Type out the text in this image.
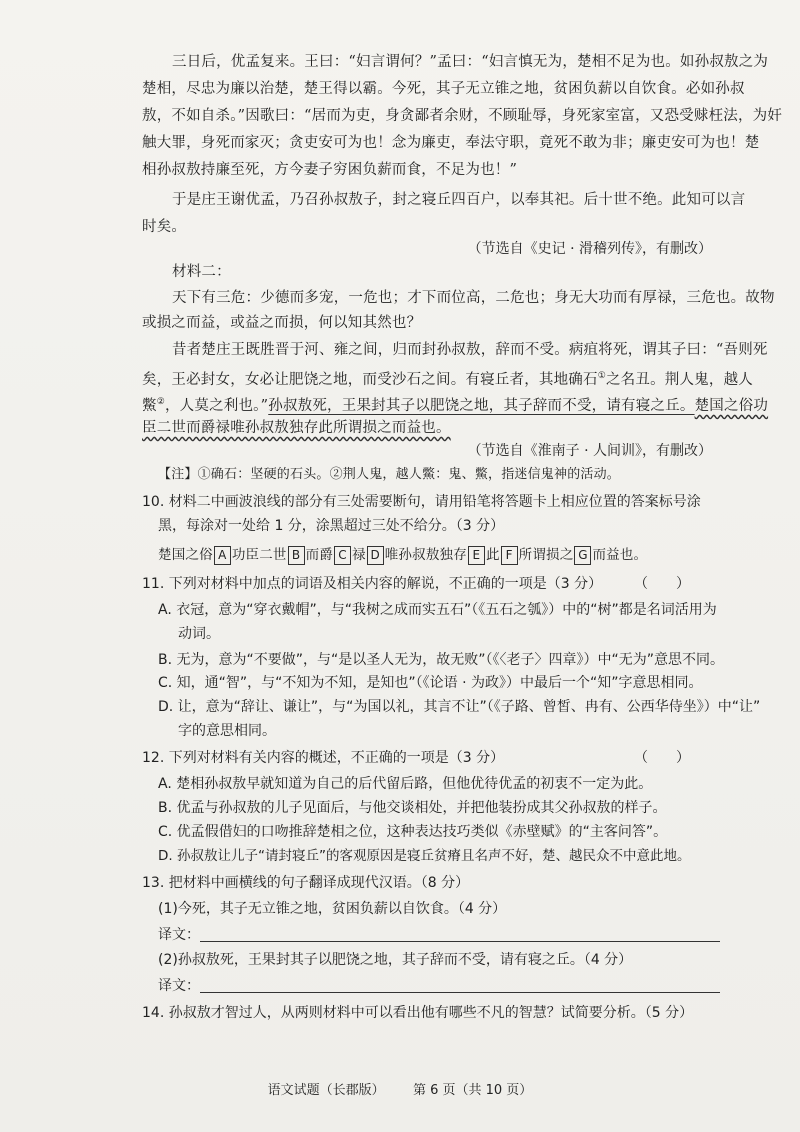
三日后，优孟复来。王曰：“妇言谓何？”孟曰：“妇言慎无为，楚相不足为也。如孙叔敖之为
楚相，尽忠为廉以治楚，楚王得以霸。今死，其子无立锥之地，贫困负薪以自饮食。必如孙叔
敖，不如自杀。”因歌曰：“居而为吏，身贪鄙者余财，不顾耻辱，身死家室富，又恐受赇枉法，为奸
触大罪，身死而家灭；贪吏安可为也！念为廉吏，奉法守职，竟死不敢为非；廉吏安可为也！楚
相孙叔敖持廉至死，方今妻子穷困负薪而食，不足为也！”
于是庄王谢优孟，乃召孙叔敖子，封之寝丘四百户，以奉其祀。后十世不绝。此知可以言
时矣。
（节选自《史记 · 滑稽列传》，有删改）
材料二：
天下有三危：少德而多宠，一危也；才下而位高，二危也；身无大功而有厚禄，三危也。故物
或损之而益，或益之而损，何以知其然也？
昔者楚庄王既胜晋于河、雍之间，归而封孙叔敖，辞而不受。病疽将死，谓其子曰：“吾则死
矣，王必封女，女必让肥饶之地，而受沙石之间。有寝丘者，其地确石①之名丑。荆人鬼，越人
鱉②，人莫之利也。”孙叔敖死，王果封其子以肥饶之地，其子辞而不受，请有寝之丘。楚国之俗功
臣二世而爵禄唯孙叔敖独存此所谓损之而益也。
（节选自《淮南子 · 人间训》，有删改）
【注】①确石：坚硬的石头。②荆人鬼，越人鱉：鬼、鱉，指迷信鬼神的活动。
10. 材料二中画波浪线的部分有三处需要断句，请用铅笔将答题卡上相应位置的答案标号涂
黑，每涂对一处给 1 分，涂黑超过三处不给分。（3 分）
楚国之俗 A 功臣二世 B 而爵 C 禄 D 唯孙叔敖独存 E 此 F 所谓损之 G 而益也。
11. 下列对材料中加点的词语及相关内容的解说，不正确的一项是（3 分） （　　）
A. 衣冠，意为“穿衣戴帽”，与“我树之成而实五石”（《五石之瓠》）中的“树”都是名词活用为
动词。
B. 无为，意为“不要做”，与“是以圣人无为，故无败”（《〈老子〉四章》）中“无为”意思不同。
C. 知，通“智”，与“不知为不知，是知也”（《论语 · 为政》）中最后一个“知”字意思相同。
D. 让，意为“辞让、谦让”，与“为国以礼，其言不让”（《子路、曾皙、冉有、公西华侍坐》）中“让”
字的意思相同。
12. 下列对材料有关内容的概述，不正确的一项是（3 分）	（　　）
A. 楚相孙叔敖早就知道为自己的后代留后路，但他优待优孟的初衷不一定为此。
B. 优孟与孙叔敖的儿子见面后，与他交谈相处，并把他装扮成其父孙叔敖的样子。
C. 优孟假借妇的口吻推辞楚相之位，这种表达技巧类似《赤壁赋》的“主客问答”。
D. 孙叔敖让儿子“请封寝丘”的客观原因是寝丘贫瘠且名声不好，楚、越民众不中意此地。
13. 把材料中画横线的句子翻译成现代汉语。（8 分）
(1)今死，其子无立锥之地，贫困负薪以自饮食。（4 分）
译文：
(2)孙叔敖死，王果封其子以肥饶之地，其子辞而不受，请有寝之丘。（4 分）
译文：
14. 孙叔敖才智过人，从两则材料中可以看出他有哪些不凡的智慧？试简要分析。（5 分）
语文试题（长郡版） 第 6 页（共 10 页）
